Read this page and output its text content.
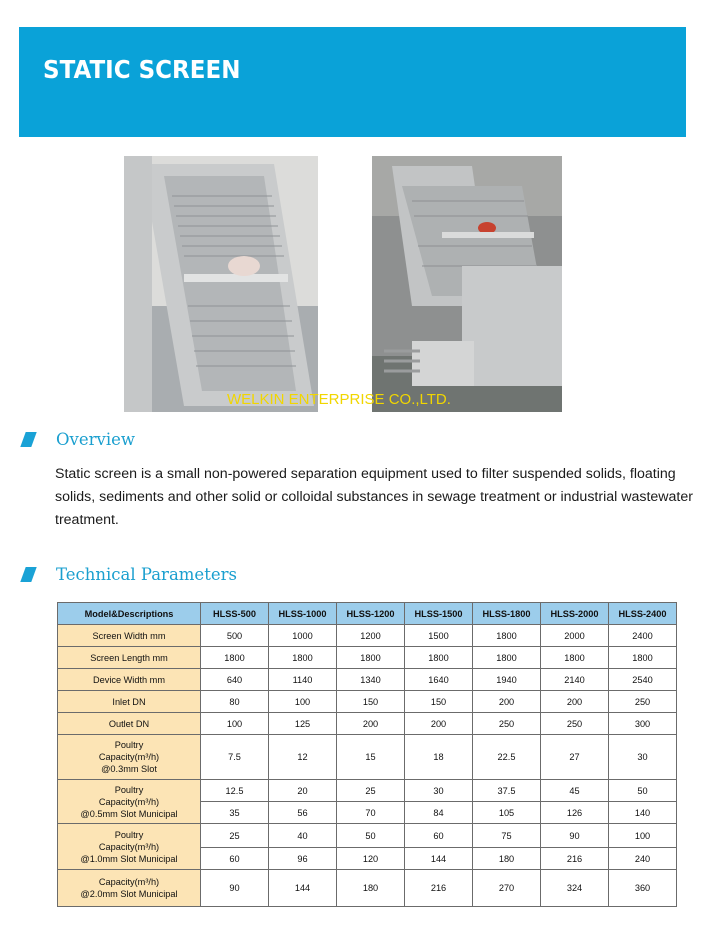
STATIC SCREEN
WELKIN ENTERPRISE CO.,LTD.
Overview
Static screen is a small non-powered separation equipment used to filter suspended solids, floating solids, sediments and other solid or colloidal substances in sewage treatment or industrial wastewater treatment.
Technical Parameters
Model&Descriptions	HLSS-500	HLSS-1000	HLSS-1200	HLSS-1500	HLSS-1800	HLSS-2000	HLSS-2400
Screen Width mm	500	1000	1200	1500	1800	2000	2400
Screen Length mm	1800	1800	1800	1800	1800	1800	1800
Device Width mm	640	1140	1340	1640	1940	2140	2540
Inlet DN	80	100	150	150	200	200	250
Outlet DN	100	125	200	200	250	250	300

Poultry
Capacity(m³/h)
@0.3mm Slot	7.5	12	15	18	22.5	27	30

Poultry
Capacity(m³/h)
@0.5mm Slot Municipal	12.5	20	25	30	37.5	45	50
	35	56	70	84	105	126	140

Poultry
Capacity(m³/h)
@1.0mm Slot Municipal	25	40	50	60	75	90	100
	60	96	120	144	180	216	240

Capacity(m³/h)
@2.0mm Slot Municipal	90	144	180	216	270	324	360
